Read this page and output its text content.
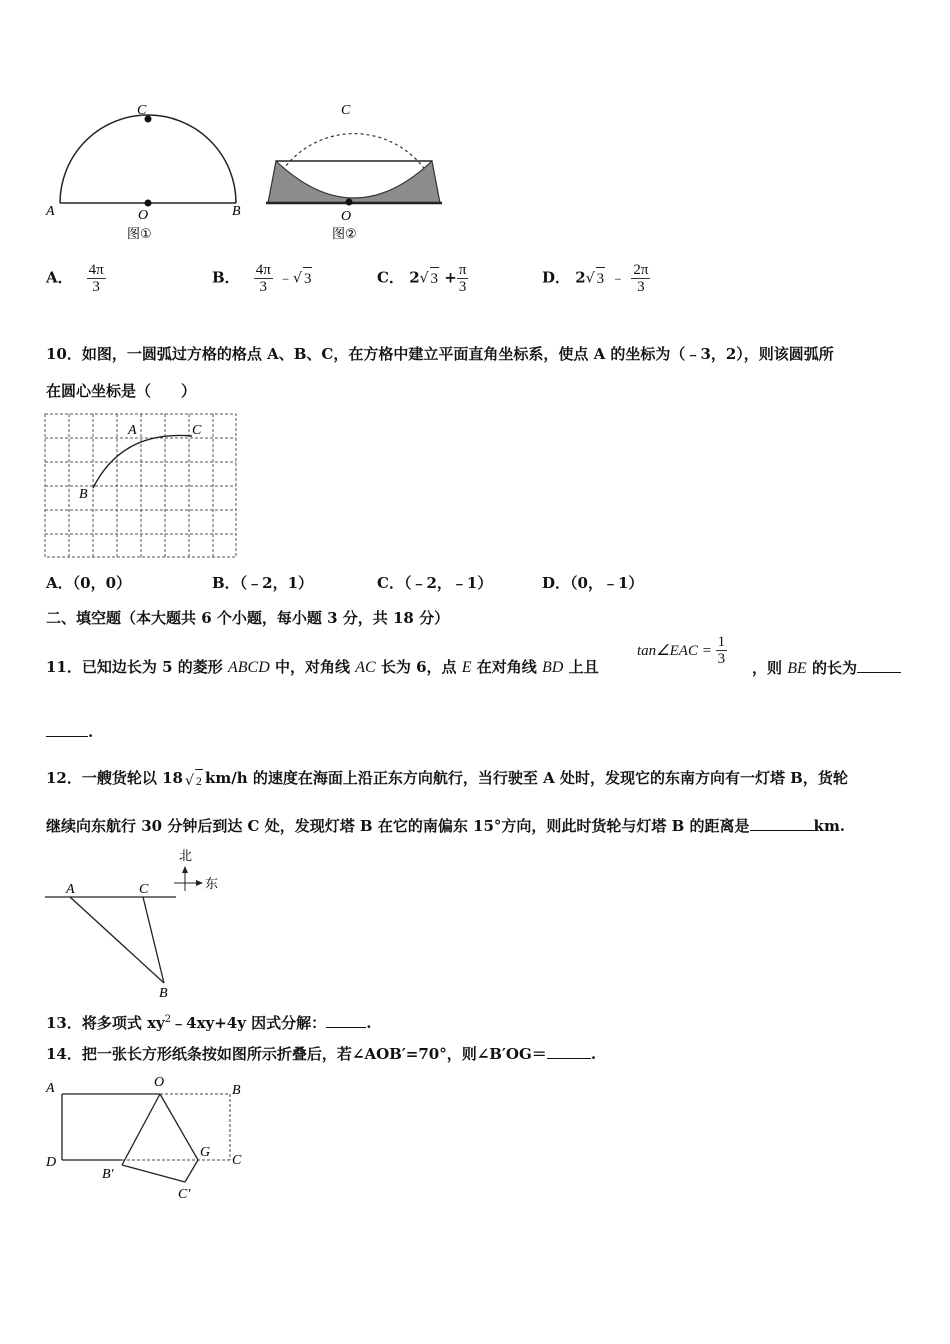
C
O
A	B
图①
C
O
图②
A． $\frac{4\pi}{3}$	B． $\frac{4\pi}{3}$ ﹣√ 3	C． 2√ $3 + \frac{\pi}{3}$	D． 2√ 3 ﹣ $\frac{2\pi}{3}$
10．如图，一圆弧过方格的格点 A、B、C，在方格中建立平面直角坐标系，使点 A 的坐标为（﹣3，2），则该圆弧所
在圆心坐标是（　　）
A	C
B
A．（0，0）	B．（﹣2，1）	C．（﹣2，﹣1）	D．（0，﹣1）
二、填空题（本大题共 6 个小题，每小题 3 分，共 18 分）
11．已知边长为 5 的菱形 ABCD 中，对角线 AC 长为 6，点 E 在对角线 BD 上且
tan∠EAC = $\frac{1}{3}$
，则 BE 的长为
.
12．一艘货轮以 18 √ 2 km/h 的速度在海面上沿正东方向航行，当行驶至 A 处时，发现它的东南方向有一灯塔 B，货轮
继续向东航行 30 分钟后到达 C 处，发现灯塔 B 在它的南偏东 15°方向，则此时货轮与灯塔 B 的距离是	km.
北
东
A	C
B
13．将多项式 $xy^2﹣4xy+4y$ 因式分解：	.
14．把一张长方形纸条按如图所示折叠后，若∠AOB′=70°，则∠B′OG＝	.
A	O
B
D
B′
G
C
C′
